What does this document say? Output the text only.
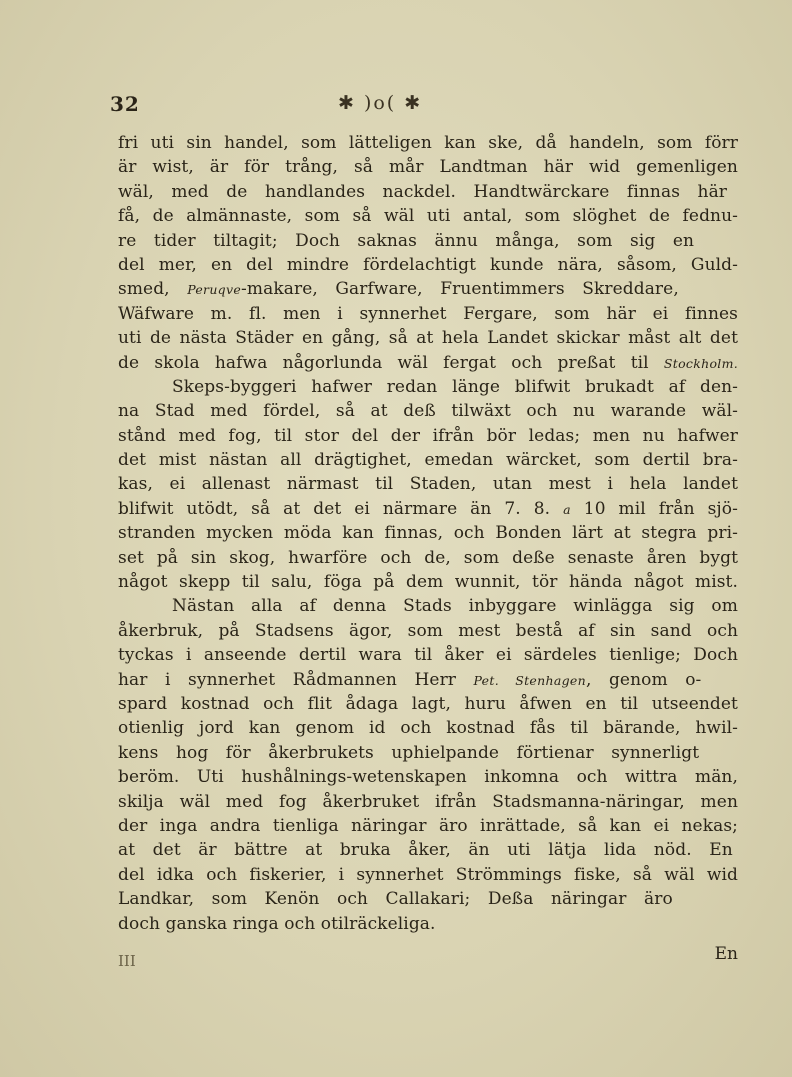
32	✱ )o( ✱
fri uti sin handel, som lätteligen kan ske, då handeln, som förr
är wist, är för trång, så mår Landtman här wid gemenligen
wäl, med de handlandes nackdel. Handtwärckare finnas här
få, de almännaste, som så wäl uti antal, som slöghet de fednu-
re tider tiltagit; Doch saknas ännu många, som sig en
del mer, en del mindre fördelachtigt kunde nära, såsom, Guld-
smed, Peruqve-makare, Garfware, Fruentimmers Skreddare,
Wäfware m. fl. men i synnerhet Fergare, som här ei finnes
uti de nästa Städer en gång, så at hela Landet skickar måst alt det
de skola hafwa någorlunda wäl fergat och preßat til Stockholm.
Skeps-byggeri hafwer redan länge blifwit brukadt af den-
na Stad med fördel, så at deß tilwäxt och nu warande wäl-
stånd med fog, til stor del der ifrån bör ledas; men nu hafwer
det mist nästan all drägtighet, emedan wärcket, som dertil bra-
kas, ei allenast närmast til Staden, utan mest i hela landet
blifwit utödt, så at det ei närmare än 7. 8. a 10 mil från sjö-
stranden mycken möda kan finnas, och Bonden lärt at stegra pri-
set på sin skog, hwarföre och de, som deße senaste åren bygt
något skepp til salu, föga på dem wunnit, tör hända något mist.
Nästan alla af denna Stads inbyggare winlägga sig om
åkerbruk, på Stadsens ägor, som mest bestå af sin sand och
tyckas i anseende dertil wara til åker ei särdeles tienlige; Doch
har i synnerhet Rådmannen Herr Pet. Stenhagen, genom o-
spard kostnad och flit ådaga lagt, huru åfwen en til utseendet
otienlig jord kan genom id och kostnad fås til bärande, hwil-
kens hog för åkerbrukets uphielpande förtienar synnerligt
beröm. Uti hushålnings-wetenskapen inkomna och wittra män,
skilja wäl med fog åkerbruket ifrån Stadsmanna-näringar, men
der inga andra tienliga näringar äro inrättade, så kan ei nekas;
at det är bättre at bruka åker, än uti lätja lida nöd. En
del idka och fiskerier, i synnerhet Strömmings fiske, så wäl wid
Landkar, som Kenön och Callakari; Deßa näringar äro
doch ganska ringa och otilräckeliga.
III	En
